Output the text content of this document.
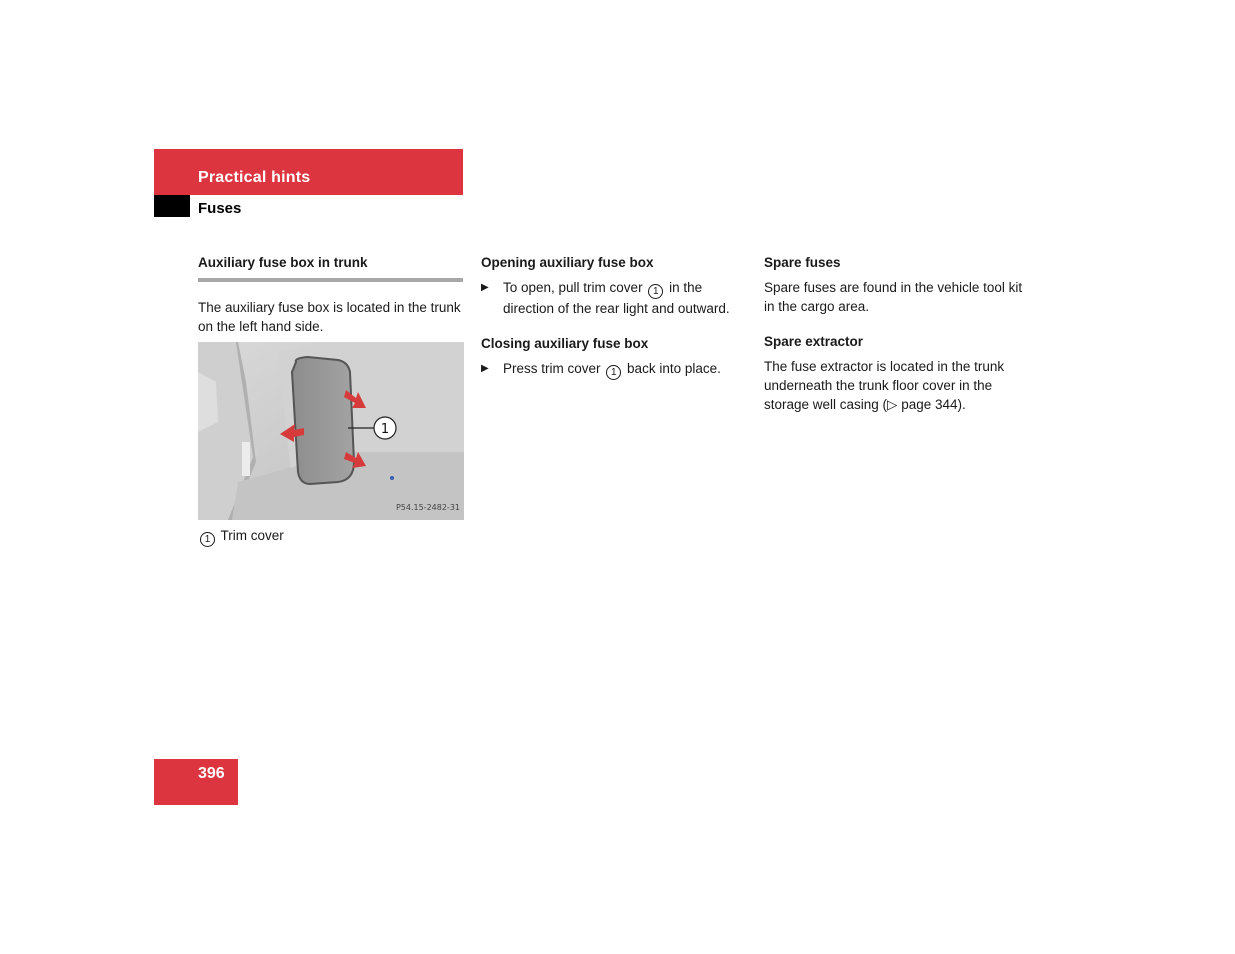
Practical hints
Fuses
Auxiliary fuse box in trunk

The auxiliary fuse box is located in the trunk on the left hand side.

1
P54.15-2482-31

1 Trim cover

Opening auxiliary fuse box
▶	To open, pull trim cover 1 in the direction of the rear light and outward.

Closing auxiliary fuse box
▶	Press trim cover 1 back into place.

Spare fuses

Spare fuses are found in the vehicle tool kit in the cargo area.

Spare extractor

The fuse extractor is located in the trunk underneath the trunk floor cover in the storage well casing (▷ page 344).

396
